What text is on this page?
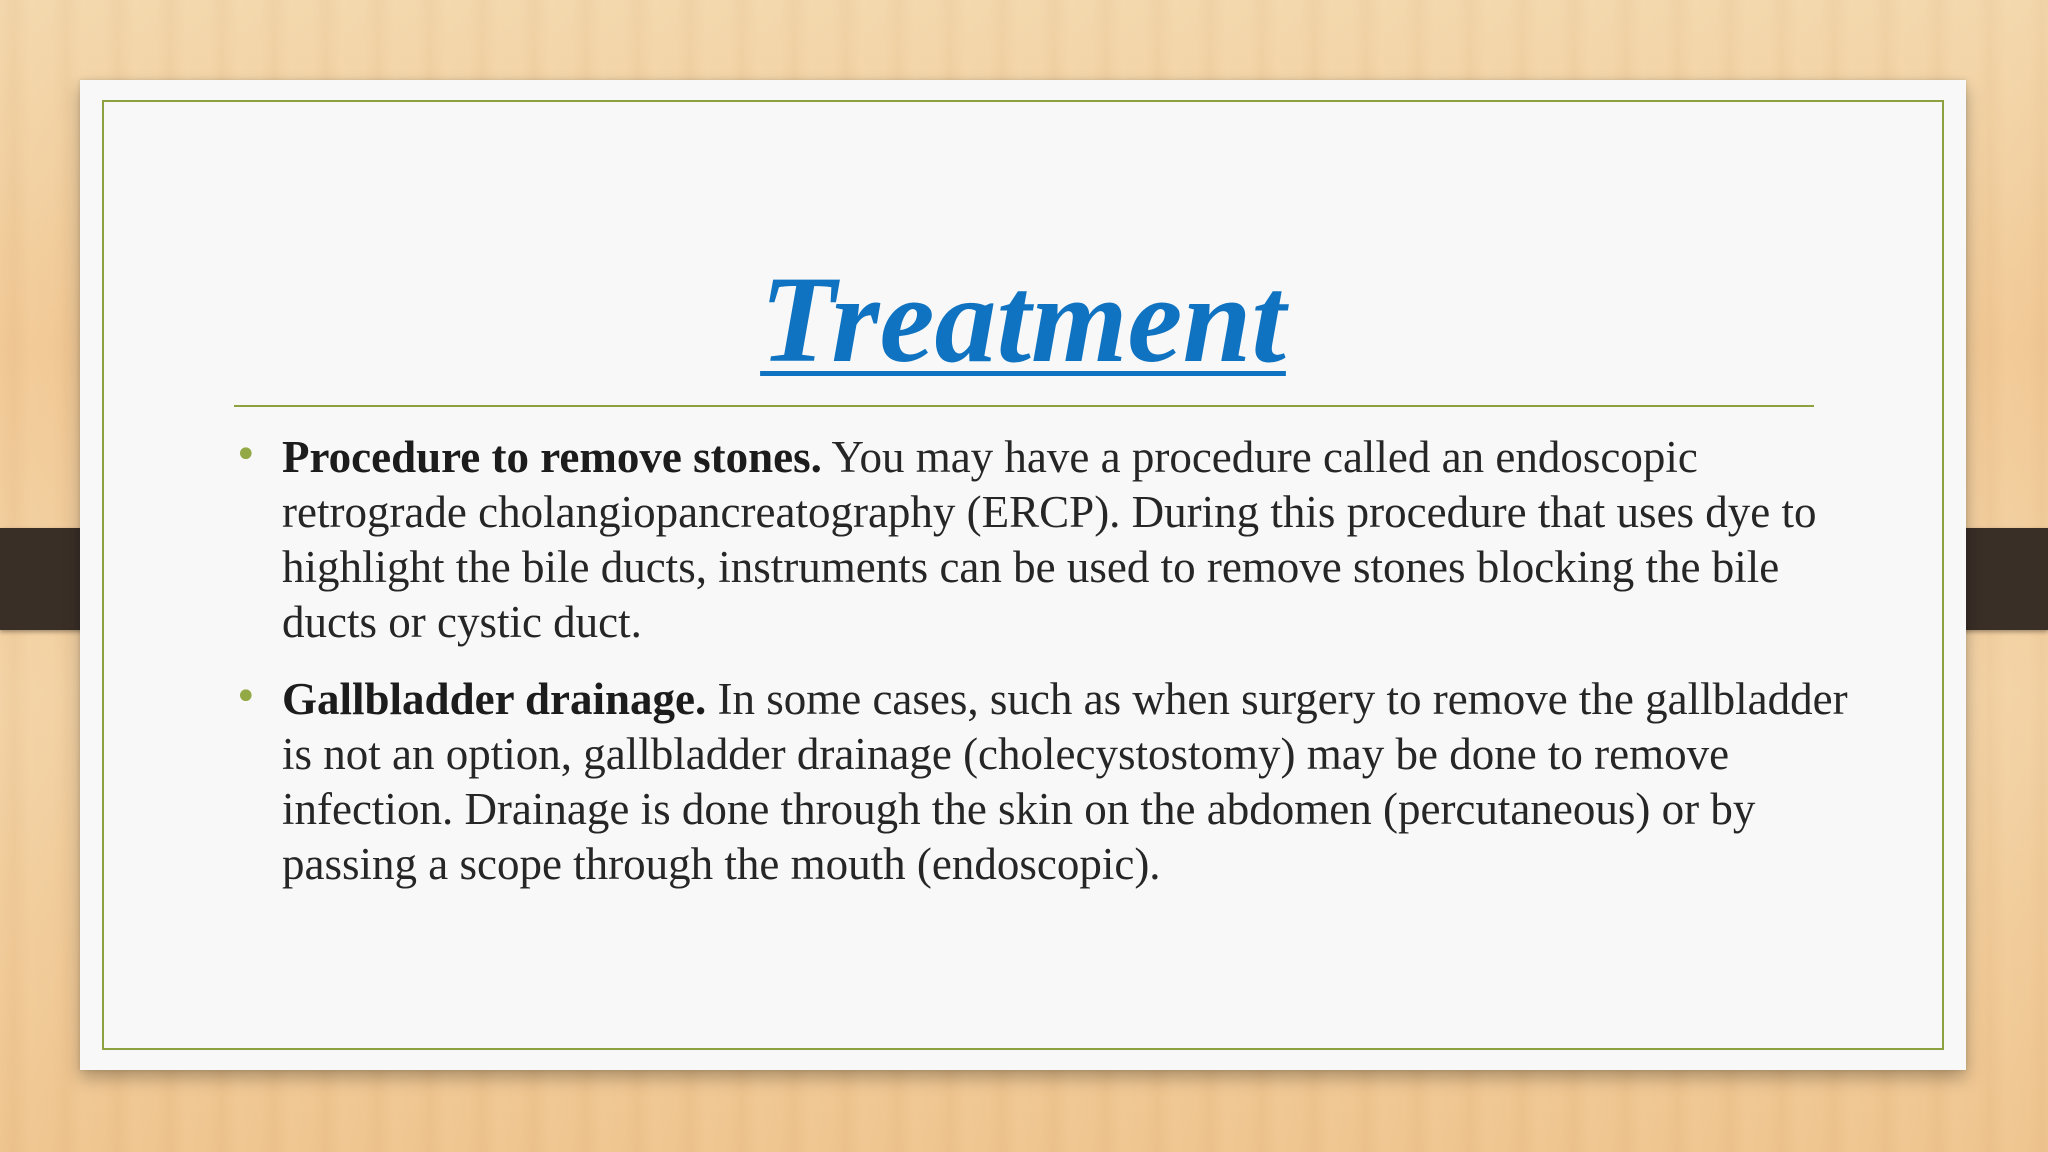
Treatment
• Procedure to remove stones. You may have a procedure called an endoscopic retrograde cholangiopancreatography (ERCP). During this procedure that uses dye to highlight the bile ducts, instruments can be used to remove stones blocking the bile ducts or cystic duct.
• Gallbladder drainage. In some cases, such as when surgery to remove the gallbladder is not an option, gallbladder drainage (cholecystostomy) may be done to remove infection. Drainage is done through the skin on the abdomen (percutaneous) or by passing a scope through the mouth (endoscopic).
